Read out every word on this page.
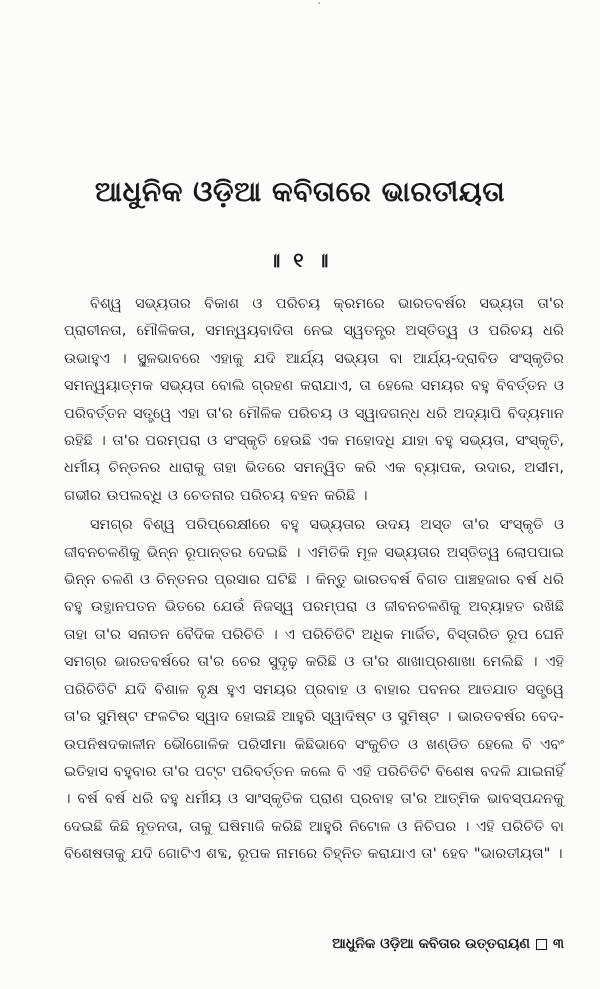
'
ଆଧୁନିକ ଓଡ଼ିଆ କବିତାରେ ଭାରତୀୟତା
॥ ୧ ॥

ବିଶ୍ୱ ସଭ୍ୟତାର ବିକାଶ ଓ ପରିଚୟ କ୍ରମରେ ଭାରତବର୍ଷର ସଭ୍ୟତା ତା'ର ପ୍ରାଚୀନତା, ମୌଳିକତା, ସମନ୍ୱୟବାଦିତା ନେଇ ସ୍ୱତନ୍ତ୍ର ଅସ୍ତିତ୍ୱ ଓ ପରିଚୟ ଧରି ଉଭାହୁଏ । ସ୍ଥୂଳଭାବରେ ଏହାକୁ ଯଦି ଆର୍ଯ୍ୟ ସଭ୍ୟତା ବା ଆର୍ଯ୍ୟ-ଦ୍ରାବିଡ ସଂସ୍କୃତିର ସମନ୍ୱୟାତ୍ମକ ସଭ୍ୟତା ବୋଲି ଗ୍ରହଣ କରାଯାଏ, ତା ହେଲେ ସମୟର ବହୁ ବିବର୍ତ୍ତନ ଓ ପରିବର୍ତ୍ତନ ସତ୍ତ୍ୱେ ଏହା ତା'ର ମୌଳିକ ପରିଚୟ ଓ ସ୍ୱାଦଗନ୍ଧ ଧରି ଅଦ୍ୟାପି ବିଦ୍ୟମାନ ରହିଛି । ତା'ର ପରମ୍ପରା ଓ ସଂସ୍କୃତି ହେଉଛି ଏକ ମହୋଦଧି ଯାହା ବହୁ ସଭ୍ୟତା, ସଂସ୍କୃତି, ଧର୍ମୀୟ ଚିନ୍ତନର ଧାରାକୁ ତାହା ଭିତରେ ସମନ୍ୱିତ କରି ଏକ ବ୍ୟାପକ, ଉଦାର, ଅସୀମ, ଗଭୀର ଉପଲବ୍ଧି ଓ ଚେତନାର ପରିଚୟ ବହନ କରିଛି ।

ସମଗ୍ର ବିଶ୍ୱ ପରିପ୍ରେକ୍ଷୀରେ ବହୁ ସଭ୍ୟତାର ଉଦୟ ଅସ୍ତ ତା'ର ସଂସ୍କୃତି ଓ ଜୀବନଚଳଣିକୁ ଭିନ୍ନ ରୂପାନ୍ତର ଦେଇଛି । ଏମିତିକି ମୂଳ ସଭ୍ୟତାର ଅସ୍ତିତ୍ୱ ଲୋପପାଇ ଭିନ୍ନ ଚଳଣି ଓ ଚିନ୍ତନର ପ୍ରସାର ଘଟିଛି । କିନ୍ତୁ ଭାରତବର୍ଷ ବିଗତ ପାଞ୍ଚହଜାର ବର୍ଷ ଧରି ବହୁ ଉତ୍ଥାନପତନ ଭିତରେ ଯେଉଁ ନିଜସ୍ୱ ପରମ୍ପରା ଓ ଜୀବନଚଳଣିକୁ ଅବ୍ୟାହତ ରଖିଛି ତାହା ତା'ର ସନାତନ ବୈଦିକ ପରିଚିତି । ଏ ପରିଚିତିଟି ଅଧିକ ମାର୍ଜିତ, ବିସ୍ତାରିତ ରୂପ ଘେନି ସମଗ୍ର ଭାରତବର୍ଷରେ ତା'ର ଚେର ସୁଦୃଢ଼ କରିଛି ଓ ତା'ର ଶାଖାପ୍ରଶାଖା ମେଲିଛି । ଏହି ପରିଚିତିଟି ଯଦି ବିଶାଳ ବୃକ୍ଷ ହୁଏ ସମୟର ପ୍ରବାହ ଓ ବାହାର ପବନର ଆତଯାତ ସତ୍ତ୍ୱେ ତା'ର ସୁମିଷ୍ଟ ଫଳଟିର ସ୍ୱାଦ ହୋଇଛି ଆହୁରି ସ୍ୱାଦିଷ୍ଟ ଓ ସୁମିଷ୍ଟ । ଭାରତବର୍ଷର ବେଦ-ଉପନିଷଦକାଳୀନ ଭୌଗୋଳିକ ପରିସୀମା କିଛିଭାବେ ସଂକୁଚିତ ଓ ଖଣ୍ଡିତ ହେଲେ ବି ଏବଂ ଇତିହାସ ବହୁବାର ତା'ର ପଟ୍ଟ ପରିବର୍ତ୍ତନ କଲେ ବି ଏହି ପରିଚିତିଟି ବିଶେଷ ବଦଳି ଯାଇନାହିଁ । ବର୍ଷ ବର୍ଷ ଧରି ବହୁ ଧର୍ମୀୟ ଓ ସାଂସ୍କୃତିକ ପ୍ରାଣ ପ୍ରବାହ ତା'ର ଆତ୍ମିକ ଭାବସ୍ପନ୍ଦନକୁ ଦେଇଛି କିଛି ନୂତନତା, ତାକୁ ଘଷିମାଜି କରିଛି ଆହୁରି ନିଟୋଳ ଓ ନିଚିପର । ଏହି ପରିଚିତି ବା ବିଶେଷତାକୁ ଯଦି ଗୋଟିଏ ଶବ୍ଦ, ରୂପକ ନାମରେ ଚିହ୍ନିତ କରାଯାଏ ତା' ହେବ "ଭାରତୀୟତା" ।

ଆଧୁନିକ ଓଡ଼ିଆ କବିତାର ଉତ୍ତରାୟଣ ୩
